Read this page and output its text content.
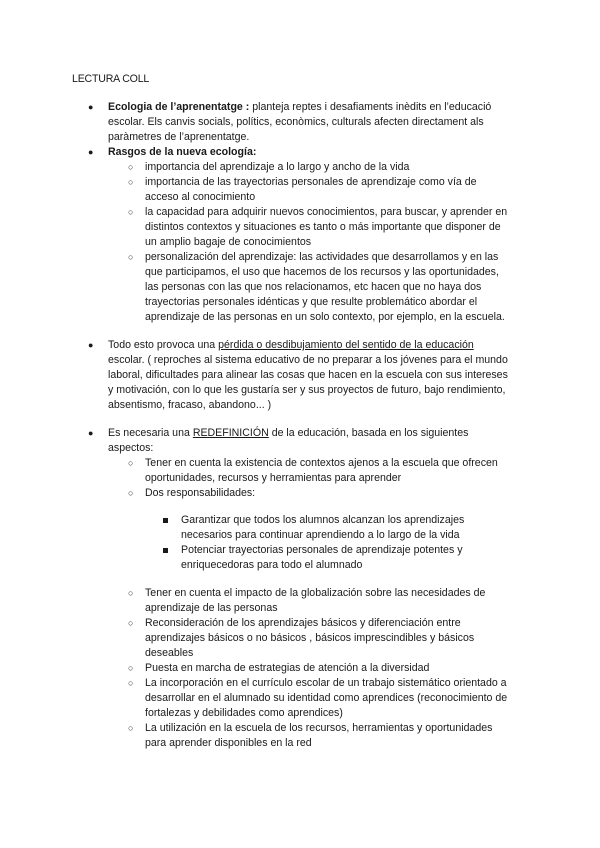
LECTURA COLL
● Ecologia de l’aprenentatge : planteja reptes i desafiaments inèdits en l’educació
escolar. Els canvis socials, polítics, econòmics, culturals afecten directament als
paràmetres de l’aprenentatge.
● Rasgos de la nueva ecología:
○ importancia del aprendizaje a lo largo y ancho de la vida
○ importancia de las trayectorias personales de aprendizaje como vía de
acceso al conocimiento
○ la capacidad para adquirir nuevos conocimientos, para buscar, y aprender en
distintos contextos y situaciones es tanto o más importante que disponer de
un amplio bagaje de conocimientos
○ personalización del aprendizaje: las actividades que desarrollamos y en las
que participamos, el uso que hacemos de los recursos y las oportunidades,
las personas con las que nos relacionamos, etc hacen que no haya dos
trayectorias personales idénticas y que resulte problemático abordar el
aprendizaje de las personas en un solo contexto, por ejemplo, en la escuela.
● Todo esto provoca una pérdida o desdibujamiento del sentido de la educación
escolar. ( reproches al sistema educativo de no preparar a los jóvenes para el mundo
laboral, dificultades para alinear las cosas que hacen en la escuela con sus intereses
y motivación, con lo que les gustaría ser y sus proyectos de futuro, bajo rendimiento,
absentismo, fracaso, abandono... )
● Es necesaria una REDEFINICIÓN de la educación, basada en los siguientes
aspectos:
○ Tener en cuenta la existencia de contextos ajenos a la escuela que ofrecen
oportunidades, recursos y herramientas para aprender
○ Dos responsabilidades:
Garantizar que todos los alumnos alcanzan los aprendizajes
necesarios para continuar aprendiendo a lo largo de la vida
Potenciar trayectorias personales de aprendizaje potentes y
enriquecedoras para todo el alumnado
○ Tener en cuenta el impacto de la globalización sobre las necesidades de
aprendizaje de las personas
○ Reconsideración de los aprendizajes básicos y diferenciación entre
aprendizajes básicos o no básicos , básicos imprescindibles y básicos
deseables
○ Puesta en marcha de estrategias de atención a la diversidad
○ La incorporación en el currículo escolar de un trabajo sistemático orientado a
desarrollar en el alumnado su identidad como aprendices (reconocimiento de
fortalezas y debilidades como aprendices)
○ La utilización en la escuela de los recursos, herramientas y oportunidades
para aprender disponibles en la red
